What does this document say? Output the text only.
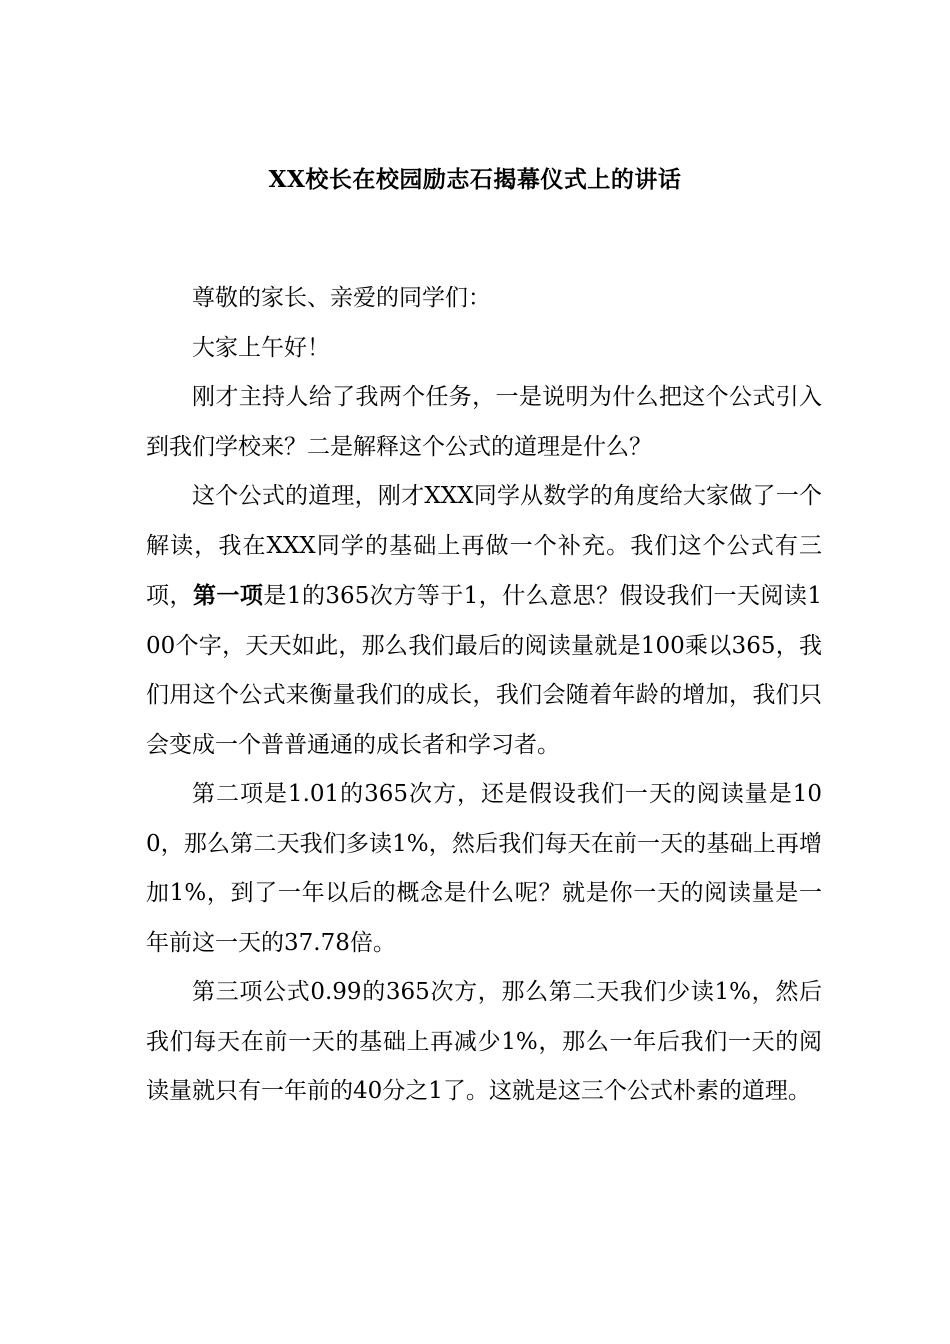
XX校长在校园励志石揭幕仪式上的讲话

尊敬的家长、亲爱的同学们：

大家上午好！

刚才主持人给了我两个任务，一是说明为什么把这个公式引入到我们学校来？二是解释这个公式的道理是什么？

这个公式的道理，刚才XXX同学从数学的角度给大家做了一个解读，我在XXX同学的基础上再做一个补充。我们这个公式有三项，第一项是1的365次方等于1，什么意思？假设我们一天阅读100个字，天天如此，那么我们最后的阅读量就是100乘以365，我们用这个公式来衡量我们的成长，我们会随着年龄的增加，我们只会变成一个普普通通的成长者和学习者。

第二项是1.01的365次方，还是假设我们一天的阅读量是100，那么第二天我们多读1%，然后我们每天在前一天的基础上再增加1%，到了一年以后的概念是什么呢？就是你一天的阅读量是一年前这一天的37.78倍。

第三项公式0.99的365次方，那么第二天我们少读1%，然后我们每天在前一天的基础上再减少1%，那么一年后我们一天的阅读量就只有一年前的40分之1了。这就是这三个公式朴素的道理。
